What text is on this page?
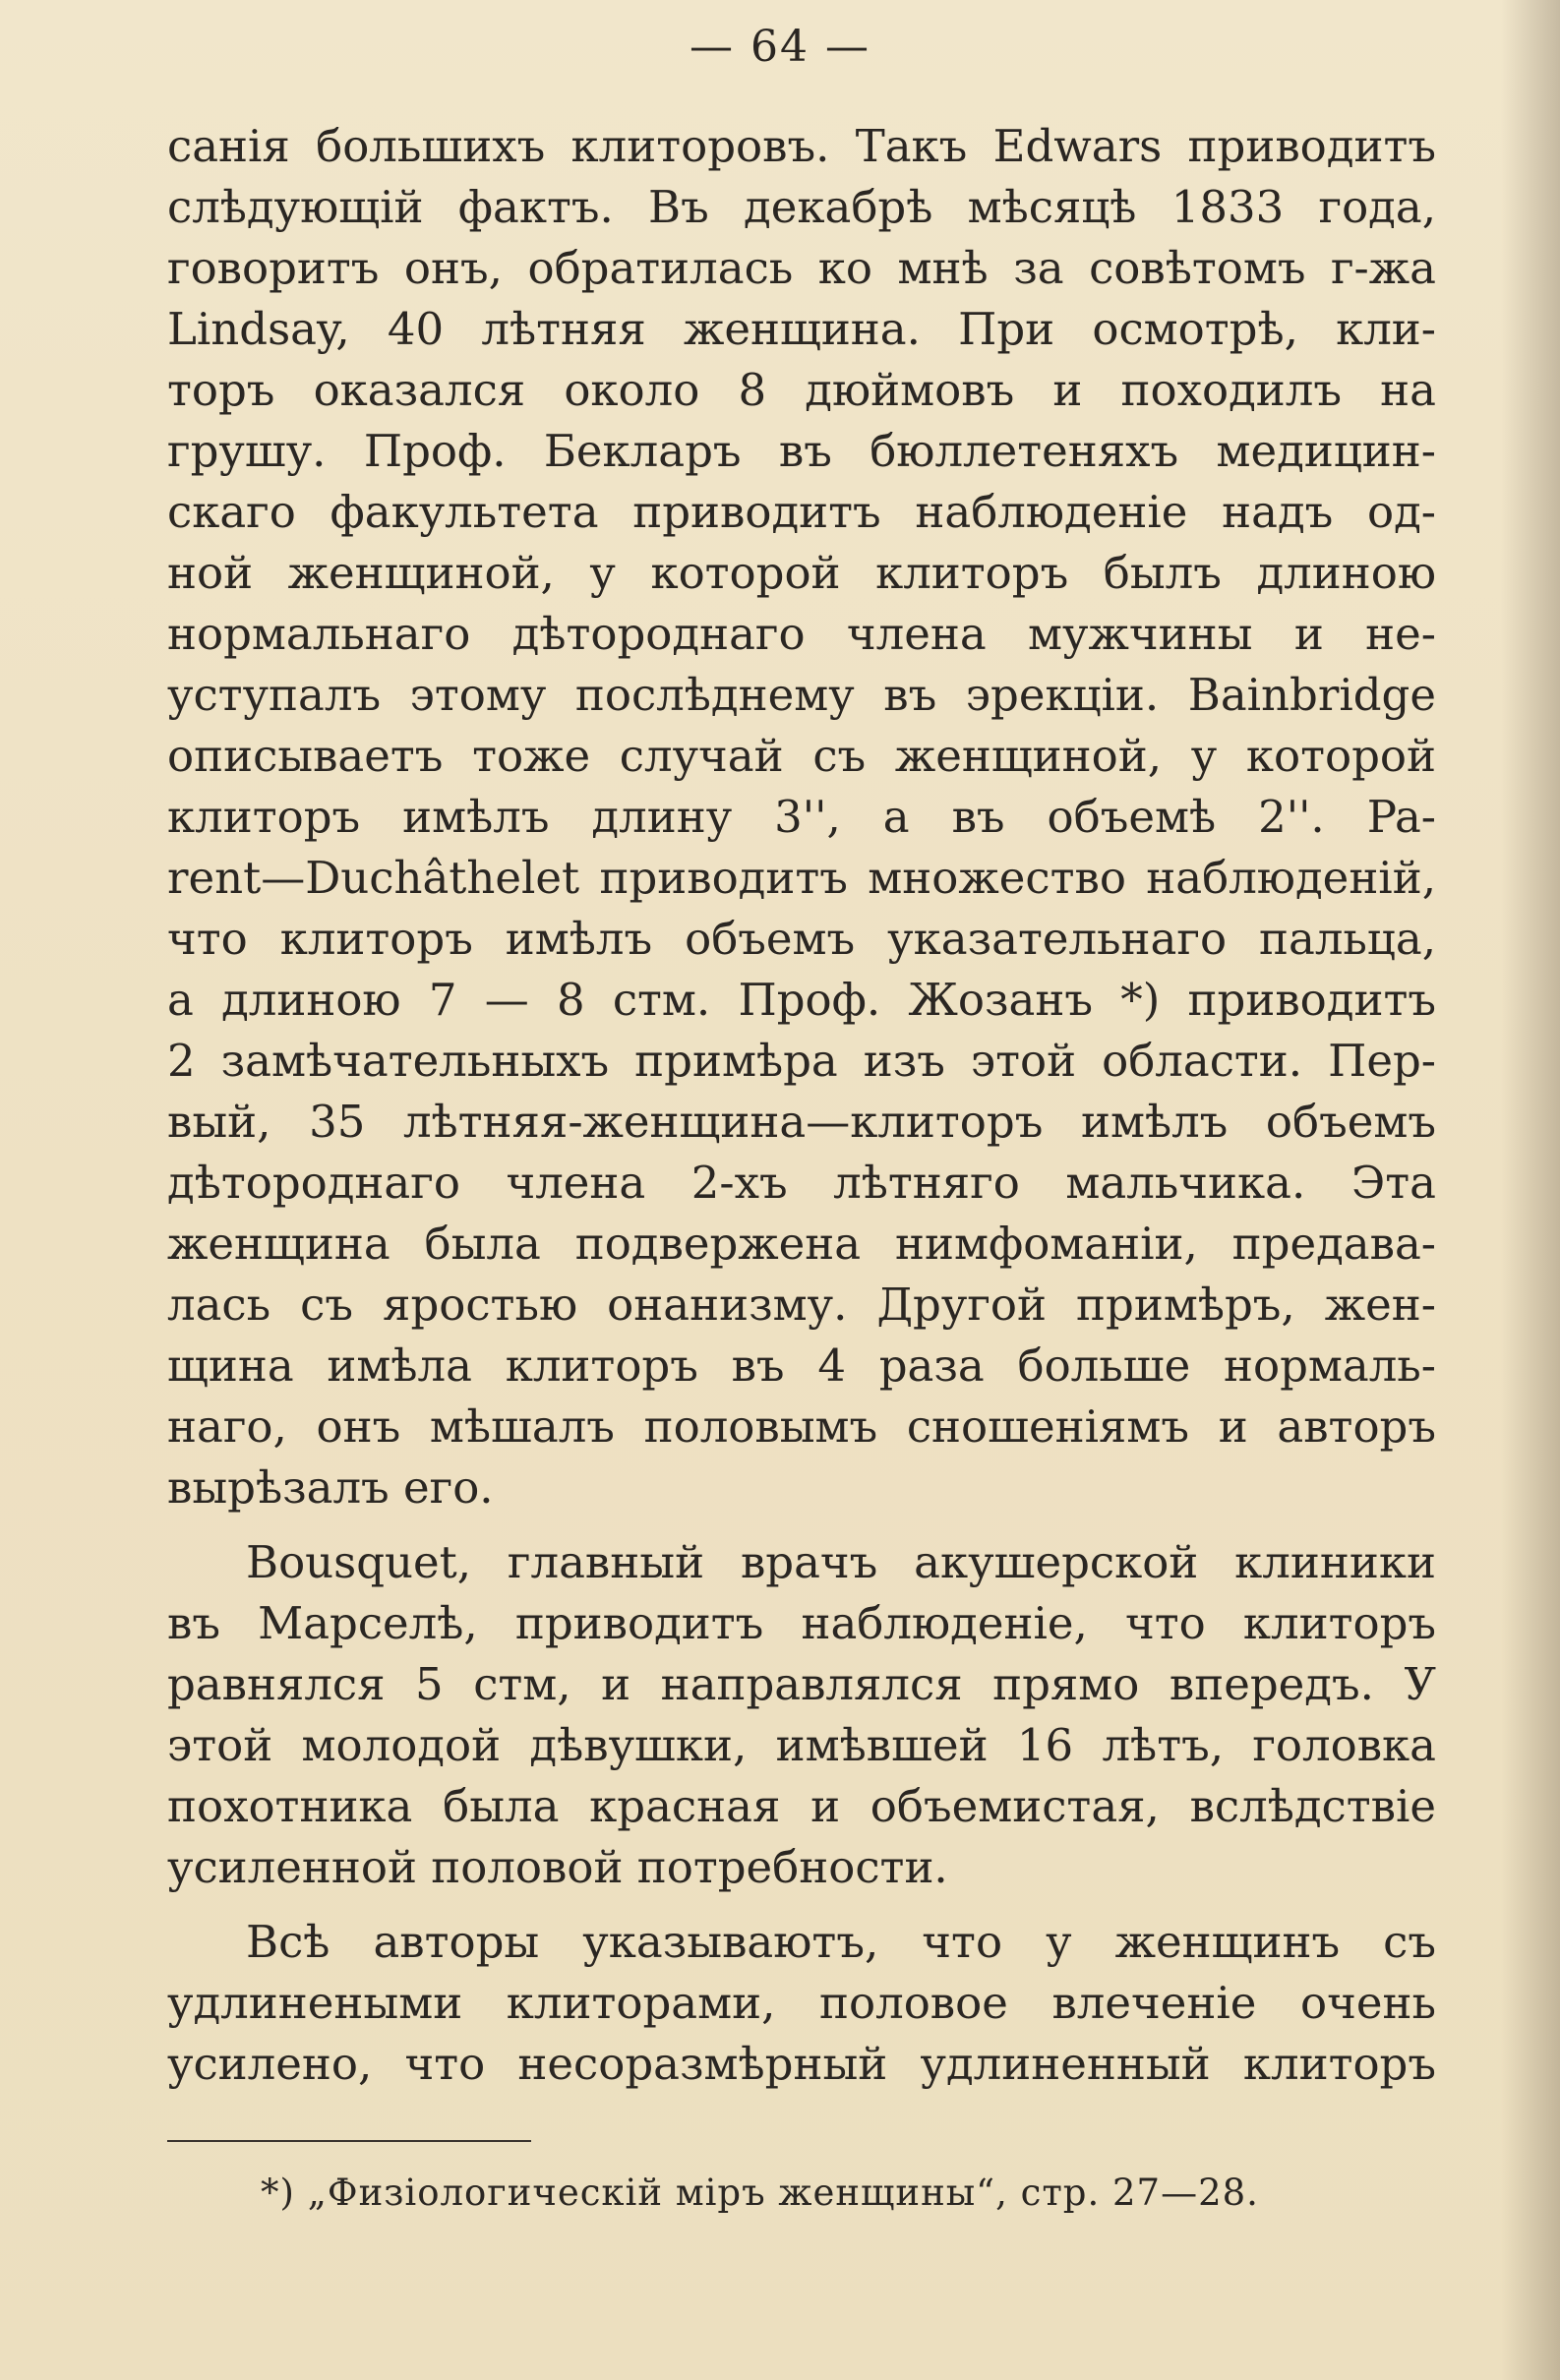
— 64 —
санія большихъ клиторовъ. Такъ Edwars приводитъ
слѣдующій фактъ. Въ декабрѣ мѣсяцѣ 1833 года,
говоритъ онъ, обратилась ко мнѣ за совѣтомъ г-жа
Lindsay, 40 лѣтняя женщина. При осмотрѣ, кли-
торъ оказался около 8 дюймовъ и походилъ на
грушу. Проф. Беклар​ъ въ бюллетеняхъ медицин-
скаго факультета приводитъ наблюденіе надъ од-
ной женщиной, у которой клиторъ былъ длиною
нормальнаго дѣтороднаго члена мужчины и не-
уступалъ этому послѣднему въ эрекціи. Bainbridge
описываетъ тоже случай съ женщиной, у которой
клиторъ имѣлъ длину 3'', а въ объемѣ 2''. Pa-
rent—Duchâthelet приводитъ множество наблюденій,
что клиторъ имѣлъ объемъ указательнаго пальца,
а длиною 7 — 8 стм. Проф. Жозанъ *) приводитъ
2 замѣчательныхъ примѣра изъ этой области. Пер-
вый, 35 лѣтняя-женщина—клиторъ имѣлъ объемъ
дѣтороднаго члена 2-хъ лѣтняго мальчика. Эта
женщина была подвержена нимфоманіи, предава-
лась съ яростью онанизму. Другой примѣръ, жен-
щина имѣла клиторъ въ 4 раза больше нормаль-
наго, онъ мѣшалъ половымъ сношеніямъ и авторъ
вырѣзалъ его.
Bousquet, главный врачъ акушерской клиники
въ Марселѣ, приводитъ наблюденіе, что клиторъ
равнялся 5 стм, и направлялся прямо впередъ. У
этой молодой дѣвушки, имѣвшей 16 лѣтъ, головка
похотника была красная и объемистая, вслѣдствіе
усиленной половой потребности.
Всѣ авторы указываютъ, что у женщинъ съ
удлинеными клиторами, половое влеченіе очень
усилено, что несоразмѣрный удлиненный клиторъ
*) „Физіологическій міръ женщины“, стр. 27—28.
